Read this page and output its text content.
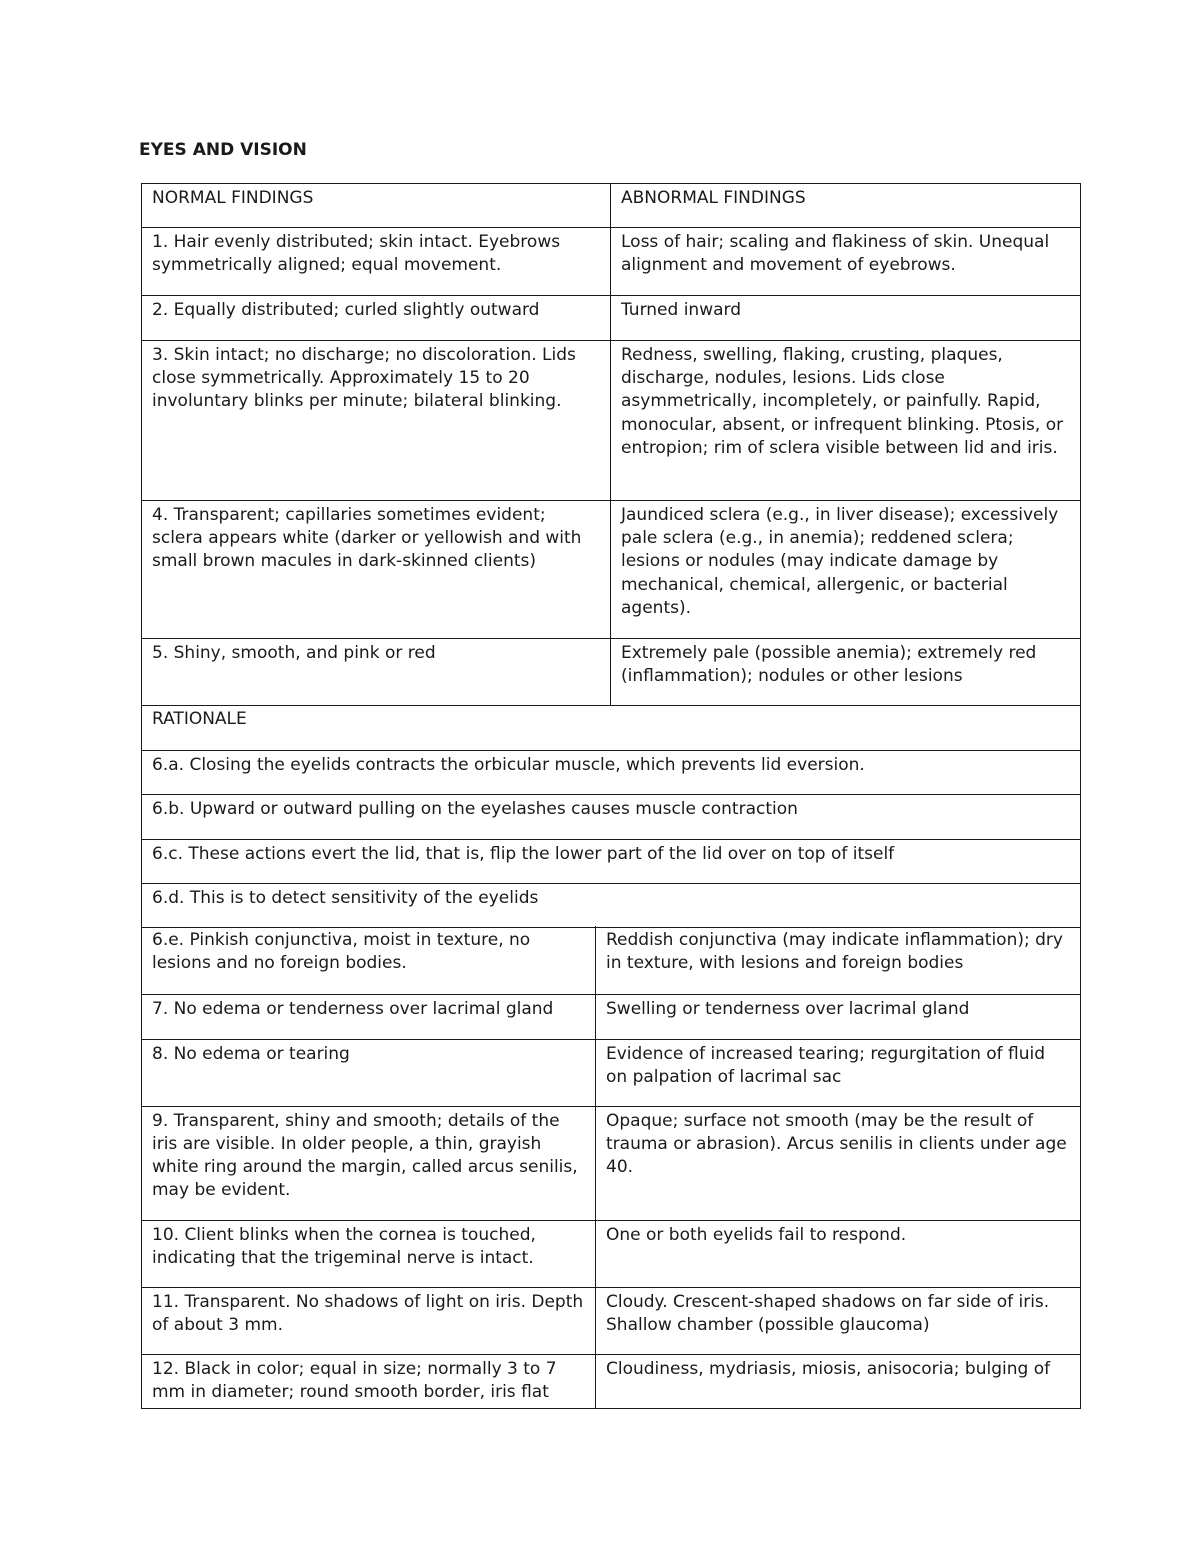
EYES AND VISION
NORMAL FINDINGS	ABNORMAL FINDINGS
1. Hair evenly distributed; skin intact. Eyebrows symmetrically aligned; equal movement.	Loss of hair; scaling and flakiness of skin. Unequal alignment and movement of eyebrows.
2. Equally distributed; curled slightly outward	Turned inward
3. Skin intact; no discharge; no discoloration. Lids close symmetrically. Approximately 15 to 20 involuntary blinks per minute; bilateral blinking.	Redness, swelling, flaking, crusting, plaques, discharge, nodules, lesions. Lids close asymmetrically, incompletely, or painfully. Rapid, monocular, absent, or infrequent blinking. Ptosis, or entropion; rim of sclera visible between lid and iris.
4. Transparent; capillaries sometimes evident; sclera appears white (darker or yellowish and with small brown macules in dark-skinned clients)	Jaundiced sclera (e.g., in liver disease); excessively pale sclera (e.g., in anemia); reddened sclera; lesions or nodules (may indicate damage by mechanical, chemical, allergenic, or bacterial agents).
5. Shiny, smooth, and pink or red	Extremely pale (possible anemia); extremely red (inflammation); nodules or other lesions
RATIONALE
6.a. Closing the eyelids contracts the orbicular muscle, which prevents lid eversion.
6.b. Upward or outward pulling on the eyelashes causes muscle contraction
6.c. These actions evert the lid, that is, flip the lower part of the lid over on top of itself
6.d. This is to detect sensitivity of the eyelids
6.e. Pinkish conjunctiva, moist in texture, no lesions and no foreign bodies.	Reddish conjunctiva (may indicate inflammation); dry in texture, with lesions and foreign bodies
7. No edema or tenderness over lacrimal gland	Swelling or tenderness over lacrimal gland
8. No edema or tearing	Evidence of increased tearing; regurgitation of fluid on palpation of lacrimal sac
9. Transparent, shiny and smooth; details of the iris are visible. In older people, a thin, grayish white ring around the margin, called arcus senilis, may be evident.	Opaque; surface not smooth (may be the result of trauma or abrasion). Arcus senilis in clients under age 40.
10. Client blinks when the cornea is touched, indicating that the trigeminal nerve is intact.	One or both eyelids fail to respond.
11. Transparent. No shadows of light on iris. Depth of about 3 mm.	Cloudy. Crescent-shaped shadows on far side of iris. Shallow chamber (possible glaucoma)
12. Black in color; equal in size; normally 3 to 7 mm in diameter; round smooth border, iris flat	Cloudiness, mydriasis, miosis, anisocoria; bulging of
